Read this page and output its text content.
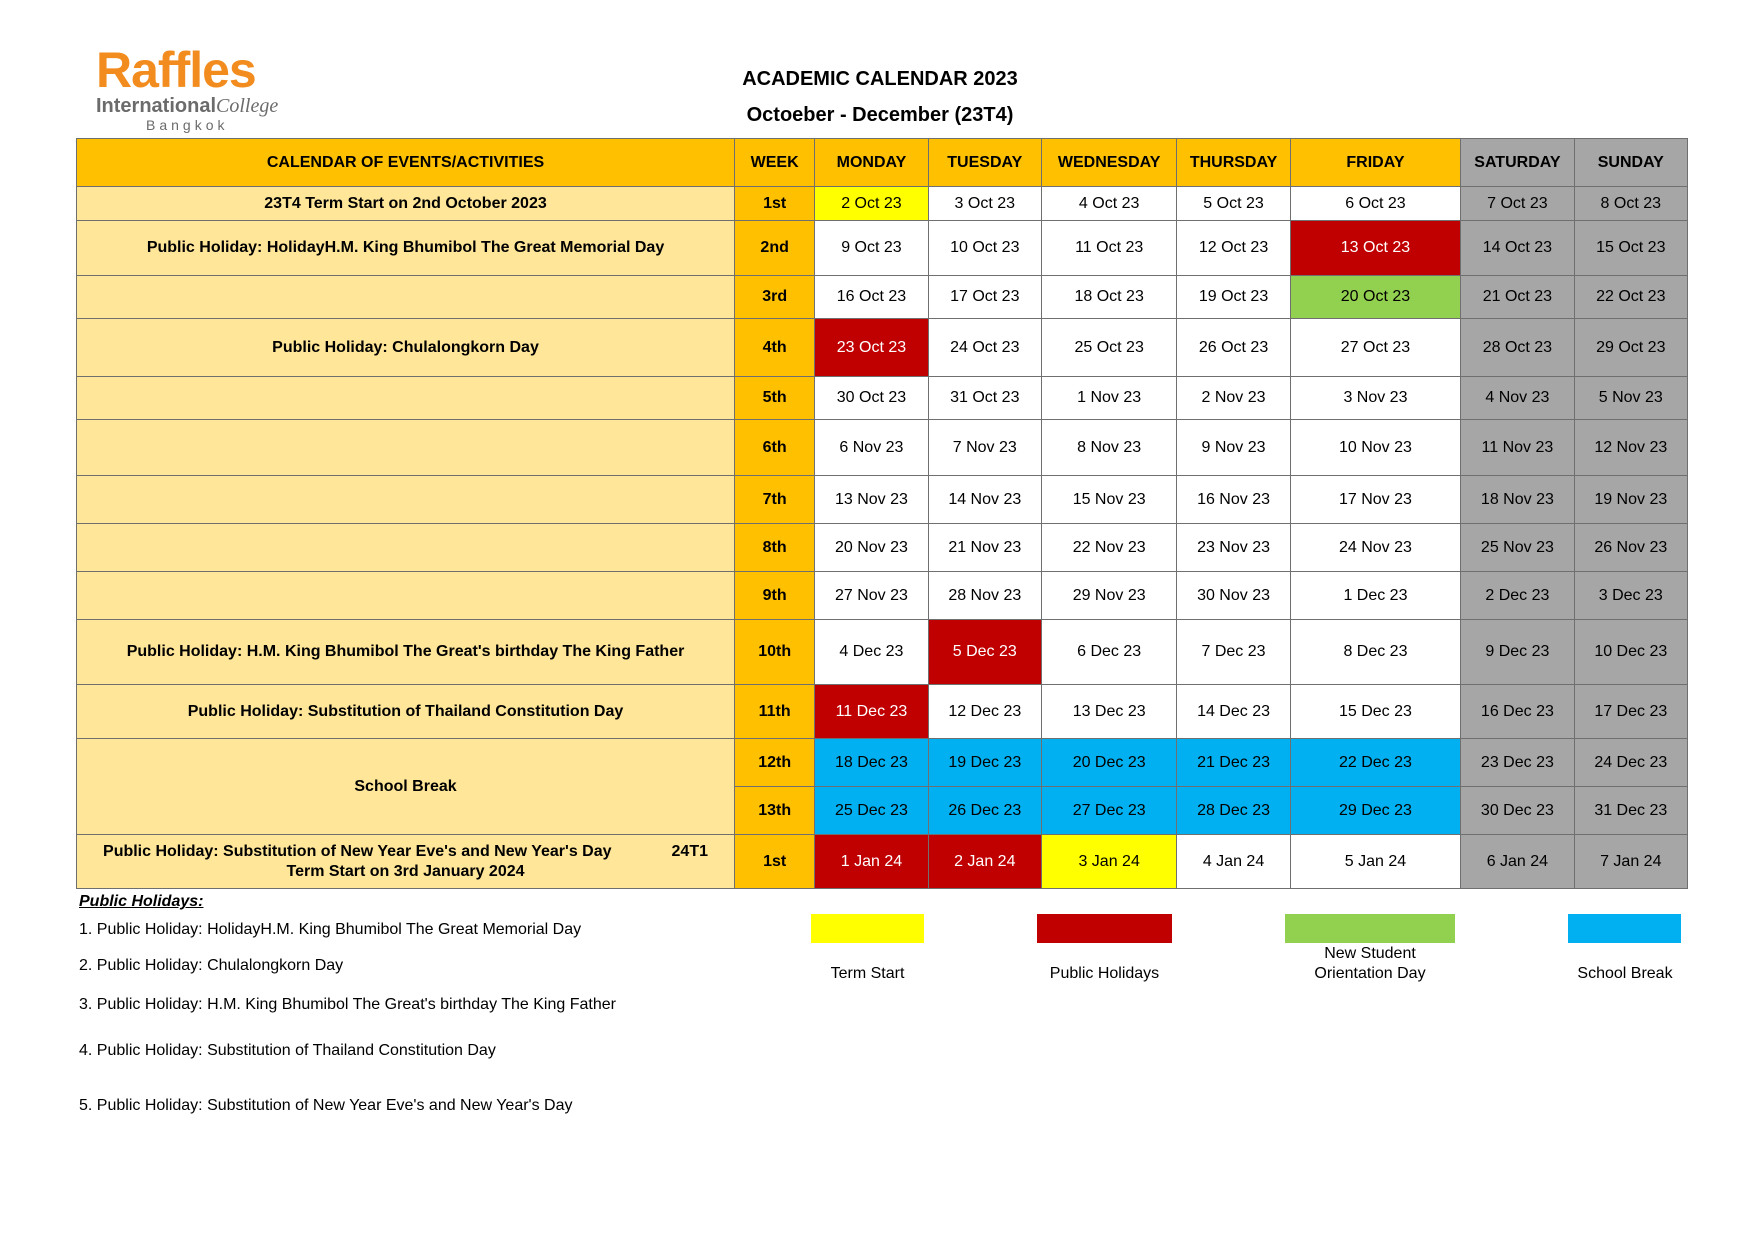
Raffles
InternationalCollege
Bangkok
ACADEMIC CALENDAR 2023
Octoeber - December (23T4)
CALENDAR OF EVENTS/ACTIVITIES	WEEK	MONDAY	TUESDAY	WEDNESDAY	THURSDAY	FRIDAY	SATURDAY	SUNDAY
23T4 Term Start on 2nd October 2023	1st	2 Oct 23	3 Oct 23	4 Oct 23	5 Oct 23	6 Oct 23	7 Oct 23	8 Oct 23
Public Holiday: HolidayH.M. King Bhumibol The Great Memorial Day	2nd	9 Oct 23	10 Oct 23	11 Oct 23	12 Oct 23	13 Oct 23	14 Oct 23	15 Oct 23
	3rd	16 Oct 23	17 Oct 23	18 Oct 23	19 Oct 23	20 Oct 23	21 Oct 23	22 Oct 23
Public Holiday: Chulalongkorn Day	4th	23 Oct 23	24 Oct 23	25 Oct 23	26 Oct 23	27 Oct 23	28 Oct 23	29 Oct 23
	5th	30 Oct 23	31 Oct 23	1 Nov 23	2 Nov 23	3 Nov 23	4 Nov 23	5 Nov 23
	6th	6 Nov 23	7 Nov 23	8 Nov 23	9 Nov 23	10 Nov 23	11 Nov 23	12 Nov 23
	7th	13 Nov 23	14 Nov 23	15 Nov 23	16 Nov 23	17 Nov 23	18 Nov 23	19 Nov 23
	8th	20 Nov 23	21 Nov 23	22 Nov 23	23 Nov 23	24 Nov 23	25 Nov 23	26 Nov 23
	9th	27 Nov 23	28 Nov 23	29 Nov 23	30 Nov 23	1 Dec 23	2 Dec 23	3 Dec 23
Public Holiday: H.M. King Bhumibol The Great's birthday The King Father	10th	4 Dec 23	5 Dec 23	6 Dec 23	7 Dec 23	8 Dec 23	9 Dec 23	10 Dec 23
Public Holiday: Substitution of Thailand Constitution Day	11th	11 Dec 23	12 Dec 23	13 Dec 23	14 Dec 23	15 Dec 23	16 Dec 23	17 Dec 23
School Break	12th	18 Dec 23	19 Dec 23	20 Dec 23	21 Dec 23	22 Dec 23	23 Dec 23	24 Dec 23
	13th	25 Dec 23	26 Dec 23	27 Dec 23	28 Dec 23	29 Dec 23	30 Dec 23	31 Dec 23

Public Holiday: Substitution of New Year Eve's and New Year's Day 24T1
Term Start on 3rd January 2024	1st	1 Jan 24	2 Jan 24	3 Jan 24	4 Jan 24	5 Jan 24	6 Jan 24	7 Jan 24
Public Holidays:
1. Public Holiday: HolidayH.M. King Bhumibol The Great Memorial Day
2. Public Holiday: Chulalongkorn Day
3. Public Holiday: H.M. King Bhumibol The Great's birthday The King Father
4. Public Holiday: Substitution of Thailand Constitution Day
5. Public Holiday: Substitution of New Year Eve's and New Year's Day
Term Start	Public Holidays
New Student
Orientation Day	School Break
